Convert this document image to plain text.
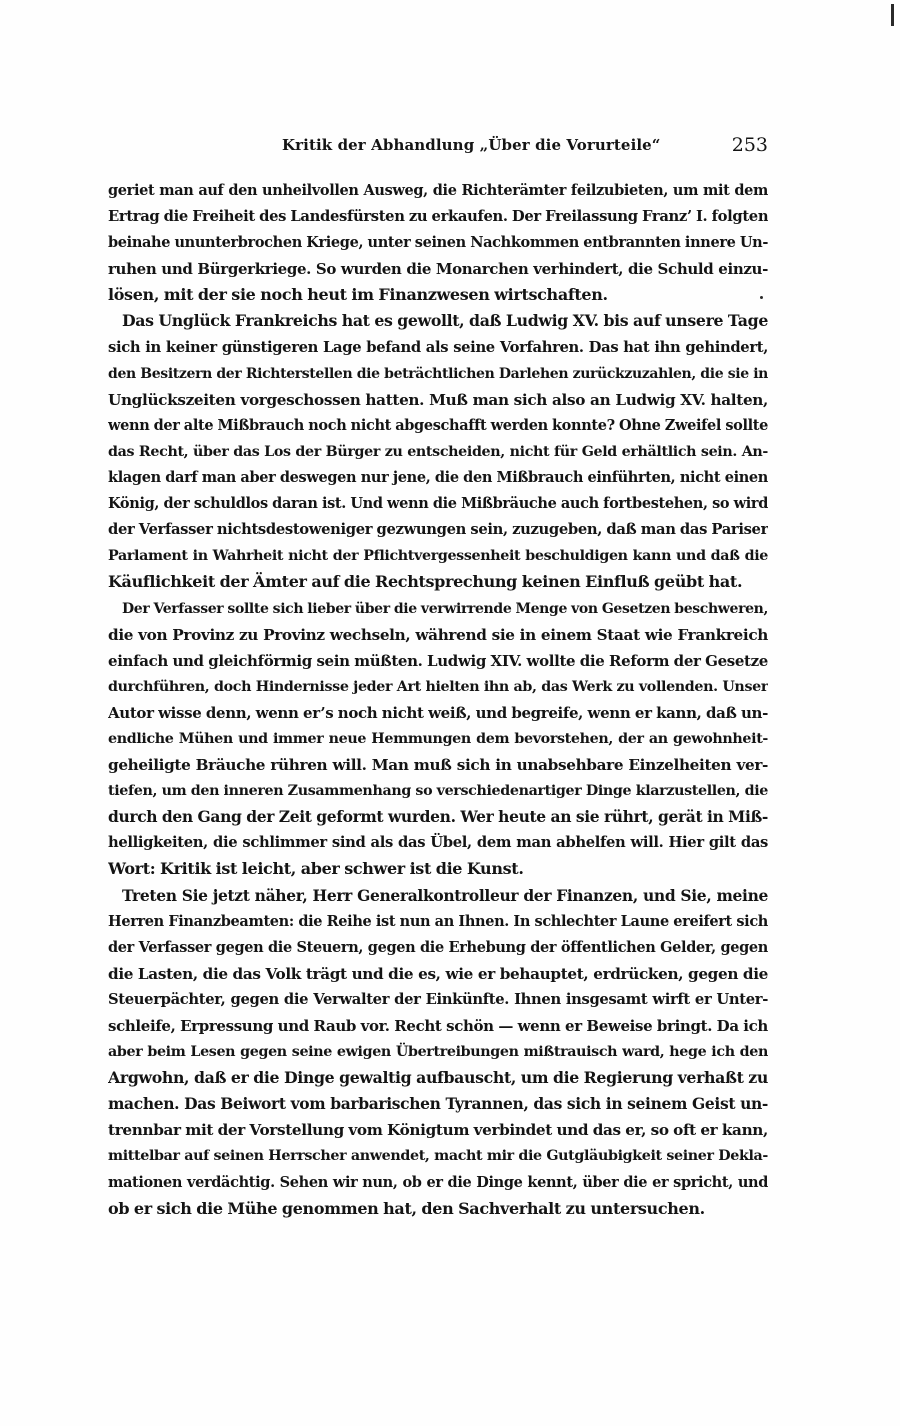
Kritik der Abhandlung „Über die Vorurteile“	253
geriet man auf den unheilvollen Ausweg, die Richterämter feilzubieten, um mit dem
Ertrag die Freiheit des Landesfürsten zu erkaufen. Der Freilassung Franz’ I. folgten
beinahe ununterbrochen Kriege, unter seinen Nachkommen entbrannten innere Un-
ruhen und Bürgerkriege. So wurden die Monarchen verhindert, die Schuld einzu-
lösen, mit der sie noch heut im Finanzwesen wirtschaften.
Das Unglück Frankreichs hat es gewollt, daß Ludwig XV. bis auf unsere Tage
sich in keiner günstigeren Lage befand als seine Vorfahren. Das hat ihn gehindert,
den Besitzern der Richterstellen die beträchtlichen Darlehen zurückzuzahlen, die sie in
Unglückszeiten vorgeschossen hatten. Muß man sich also an Ludwig XV. halten,
wenn der alte Mißbrauch noch nicht abgeschafft werden konnte? Ohne Zweifel sollte
das Recht, über das Los der Bürger zu entscheiden, nicht für Geld erhältlich sein. An-
klagen darf man aber deswegen nur jene, die den Mißbrauch einführten, nicht einen
König, der schuldlos daran ist. Und wenn die Mißbräuche auch fortbestehen, so wird
der Verfasser nichtsdestoweniger gezwungen sein, zuzugeben, daß man das Pariser
Parlament in Wahrheit nicht der Pflichtvergessenheit beschuldigen kann und daß die
Käuflichkeit der Ämter auf die Rechtsprechung keinen Einfluß geübt hat.
Der Verfasser sollte sich lieber über die verwirrende Menge von Gesetzen beschweren,
die von Provinz zu Provinz wechseln, während sie in einem Staat wie Frankreich
einfach und gleichförmig sein müßten. Ludwig XIV. wollte die Reform der Gesetze
durchführen, doch Hindernisse jeder Art hielten ihn ab, das Werk zu vollenden. Unser
Autor wisse denn, wenn er’s noch nicht weiß, und begreife, wenn er kann, daß un-
endliche Mühen und immer neue Hemmungen dem bevorstehen, der an gewohnheit-
geheiligte Bräuche rühren will. Man muß sich in unabsehbare Einzelheiten ver-
tiefen, um den inneren Zusammenhang so verschiedenartiger Dinge klarzustellen, die
durch den Gang der Zeit geformt wurden. Wer heute an sie rührt, gerät in Miß-
helligkeiten, die schlimmer sind als das Übel, dem man abhelfen will. Hier gilt das
Wort: Kritik ist leicht, aber schwer ist die Kunst.
Treten Sie jetzt näher, Herr Generalkontrolleur der Finanzen, und Sie, meine
Herren Finanzbeamten: die Reihe ist nun an Ihnen. In schlechter Laune ereifert sich
der Verfasser gegen die Steuern, gegen die Erhebung der öffentlichen Gelder, gegen
die Lasten, die das Volk trägt und die es, wie er behauptet, erdrücken, gegen die
Steuerpächter, gegen die Verwalter der Einkünfte. Ihnen insgesamt wirft er Unter-
schleife, Erpressung und Raub vor. Recht schön — wenn er Beweise bringt. Da ich
aber beim Lesen gegen seine ewigen Übertreibungen mißtrauisch ward, hege ich den
Argwohn, daß er die Dinge gewaltig aufbauscht, um die Regierung verhaßt zu
machen. Das Beiwort vom barbarischen Tyrannen, das sich in seinem Geist un-
trennbar mit der Vorstellung vom Königtum verbindet und das er, so oft er kann,
mittelbar auf seinen Herrscher anwendet, macht mir die Gutgläubigkeit seiner Dekla-
mationen verdächtig. Sehen wir nun, ob er die Dinge kennt, über die er spricht, und
ob er sich die Mühe genommen hat, den Sachverhalt zu untersuchen.
